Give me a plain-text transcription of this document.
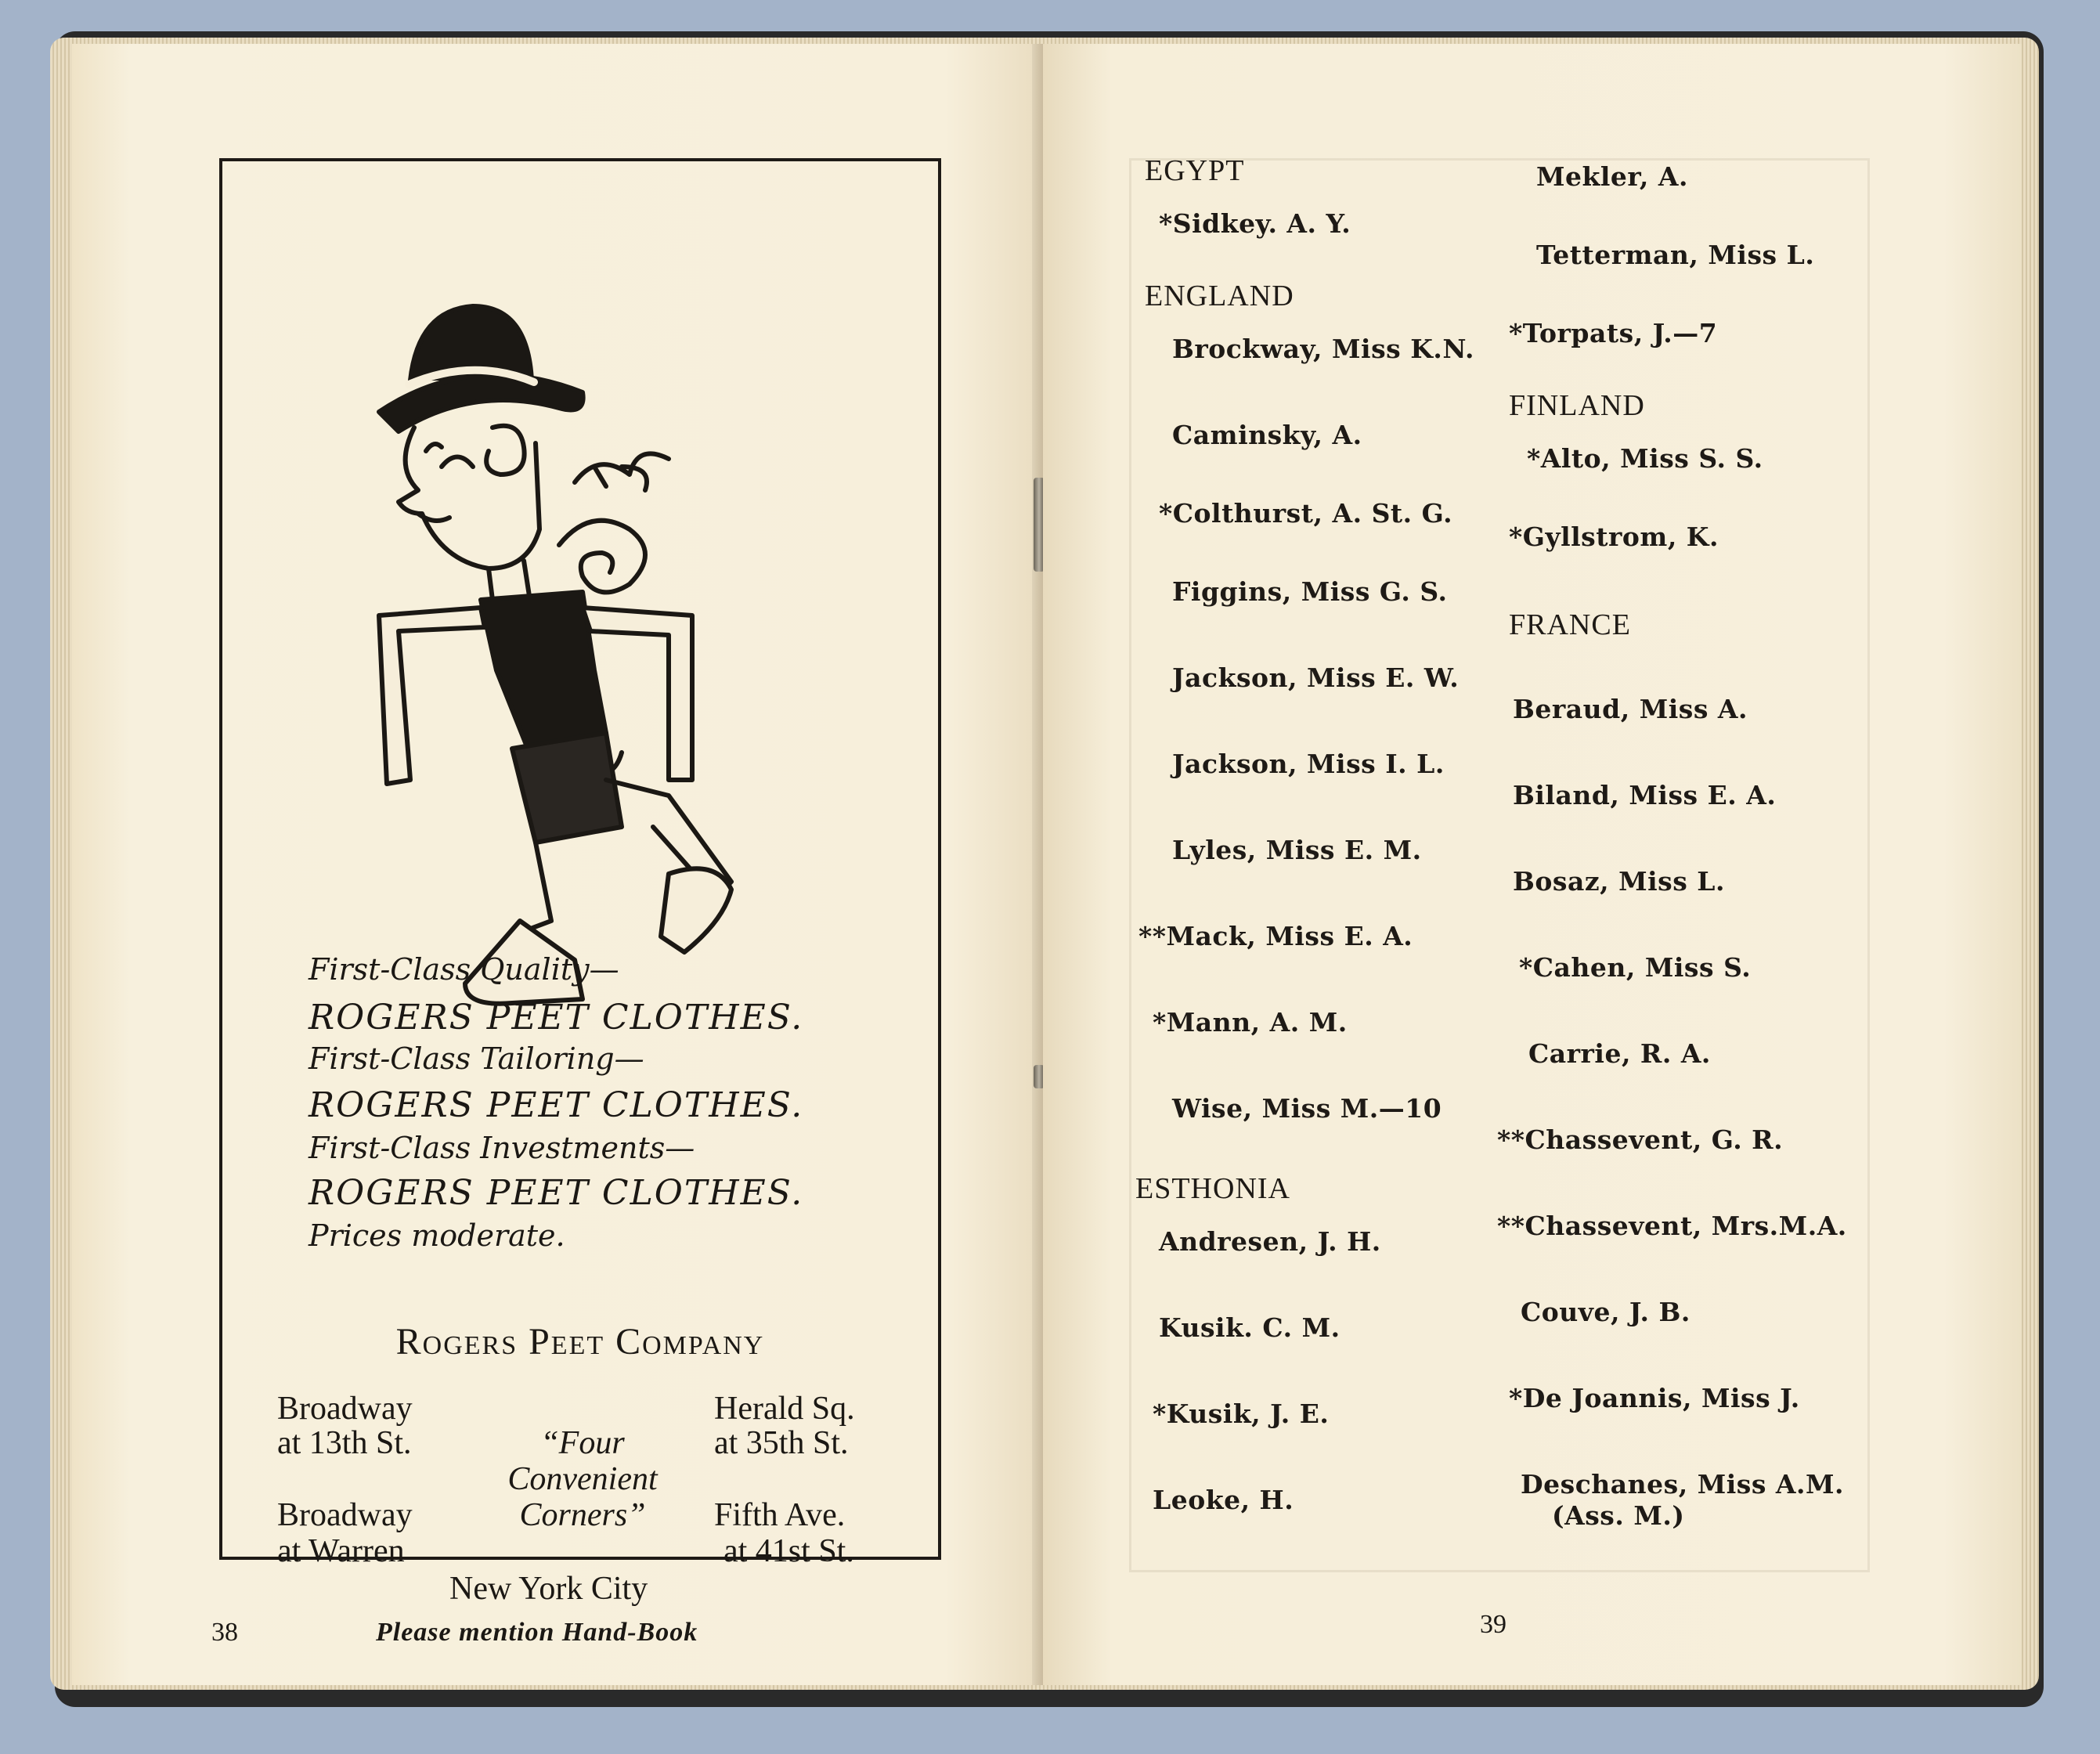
First-Class Quality—
ROGERS PEET CLOTHES.
First-Class Tailoring—
ROGERS PEET CLOTHES.
First-Class Investments—
ROGERS PEET CLOTHES.
Prices moderate.
Rogers Peet Company
Broadway
at 13th St.
Herald Sq.
at 35th St.
“Four
Convenient
Corners”
Broadway
at Warren
Fifth Ave.
at 41st St.
New York City
38	Please mention Hand-Book
EGYPT
*Sidkey. A. Y.
ENGLAND
Brockway, Miss K.N.
Caminsky, A.
*Colthurst, A. St. G.
Figgins, Miss G. S.
Jackson, Miss E. W.
Jackson, Miss I. L.
Lyles, Miss E. M.
**Mack, Miss E. A.
*Mann, A. M.
Wise, Miss M.—10
ESTHONIA
Andresen, J. H.
Kusik. C. M.
*Kusik, J. E.
Leoke, H.
Mekler, A.
Tetterman, Miss L.
*Torpats, J.—7
FINLAND
*Alto, Miss S. S.
*Gyllstrom, K.
FRANCE
Beraud, Miss A.
Biland, Miss E. A.
Bosaz, Miss L.
*Cahen, Miss S.
Carrie, R. A.
**Chassevent, G. R.
**Chassevent, Mrs.M.A.
Couve, J. B.
*De Joannis, Miss J.
Deschanes, Miss A.M.
(Ass. M.)
39
